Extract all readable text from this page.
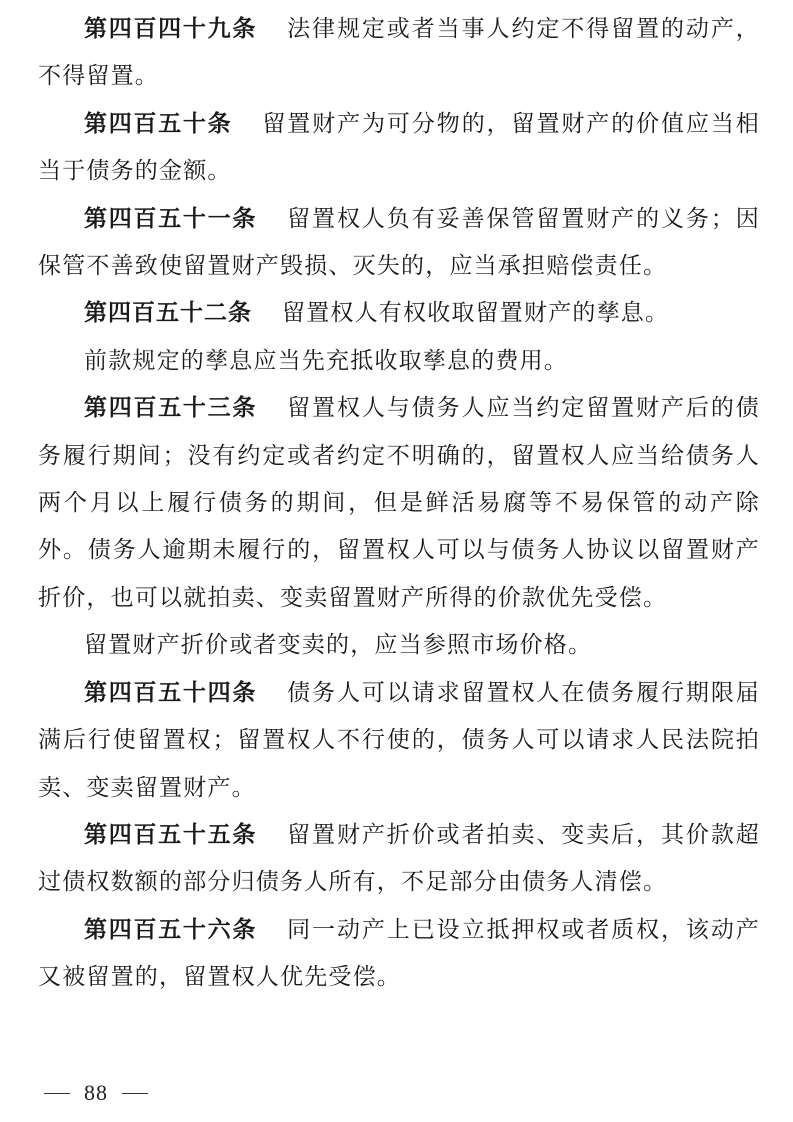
第四百四十九条 法律规定或者当事人约定不得留置的动产，不得留置。

第四百五十条 留置财产为可分物的，留置财产的价值应当相当于债务的金额。

第四百五十一条 留置权人负有妥善保管留置财产的义务；因保管不善致使留置财产毁损、灭失的，应当承担赔偿责任。

第四百五十二条 留置权人有权收取留置财产的孳息。

前款规定的孳息应当先充抵收取孳息的费用。

第四百五十三条 留置权人与债务人应当约定留置财产后的债务履行期间；没有约定或者约定不明确的，留置权人应当给债务人两个月以上履行债务的期间，但是鲜活易腐等不易保管的动产除外。债务人逾期未履行的，留置权人可以与债务人协议以留置财产折价，也可以就拍卖、变卖留置财产所得的价款优先受偿。

留置财产折价或者变卖的，应当参照市场价格。

第四百五十四条 债务人可以请求留置权人在债务履行期限届满后行使留置权；留置权人不行使的，债务人可以请求人民法院拍卖、变卖留置财产。

第四百五十五条 留置财产折价或者拍卖、变卖后，其价款超过债权数额的部分归债务人所有，不足部分由债务人清偿。

第四百五十六条 同一动产上已设立抵押权或者质权，该动产又被留置的，留置权人优先受偿。

88
